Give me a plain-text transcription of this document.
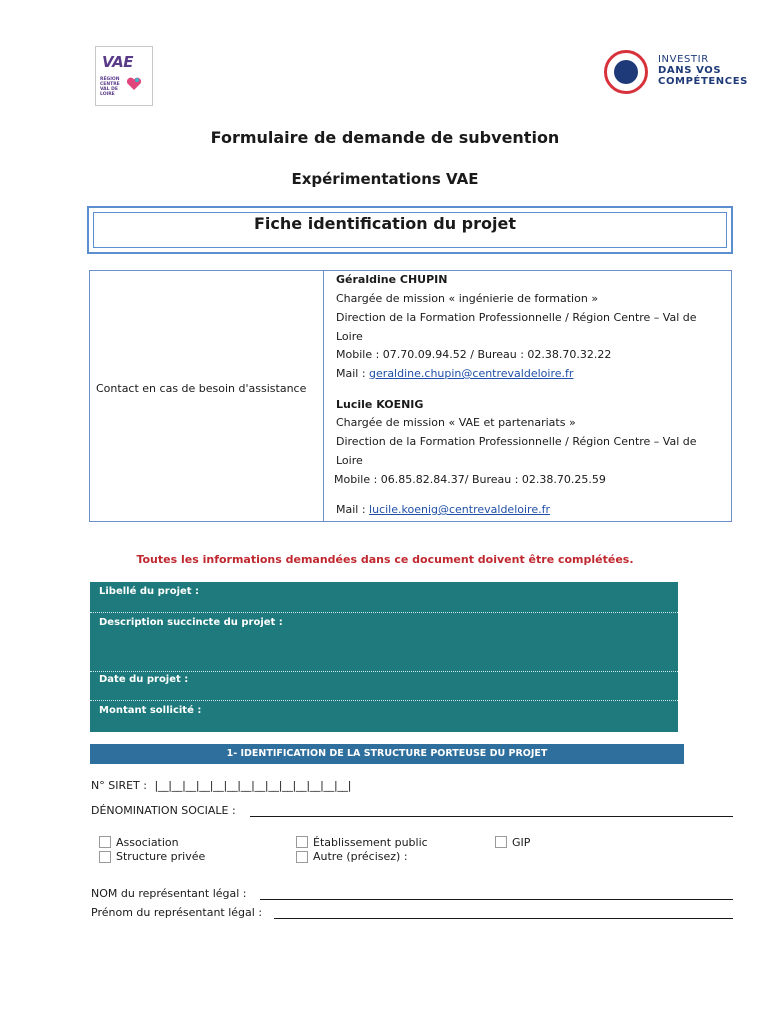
VAE
RÉGION CENTRE VAL DE LOIRE
INVESTIR
DANS VOS
COMPÉTENCES
Formulaire de demande de subvention
Expérimentations VAE
Fiche identification du projet
Contact en cas de besoin d'assistance
Géraldine CHUPIN
Chargée de mission « ingénierie de formation »
Direction de la Formation Professionnelle / Région Centre – Val de
Loire
Mobile : 07.70.09.94.52 / Bureau : 02.38.70.32.22
Mail : geraldine.chupin@centrevaldeloire.fr
Lucile KOENIG
Chargée de mission « VAE et partenariats »
Direction de la Formation Professionnelle / Région Centre – Val de
Loire
Mobile : 06.85.82.84.37/ Bureau : 02.38.70.25.59
Mail : lucile.koenig@centrevaldeloire.fr
Toutes les informations demandées dans ce document doivent être complétées.
Libellé du projet :
Description succincte du projet :
Date du projet :
Montant sollicité :
1- IDENTIFICATION DE LA STRUCTURE PORTEUSE DU PROJET
N° SIRET : |__|__|__|__|__|__|__|__|__|__|__|__|__|__|
DÉNOMINATION SOCIALE :
Association
Structure privée
Établissement public
Autre (précisez) :
GIP
NOM du représentant légal :
Prénom du représentant légal :
